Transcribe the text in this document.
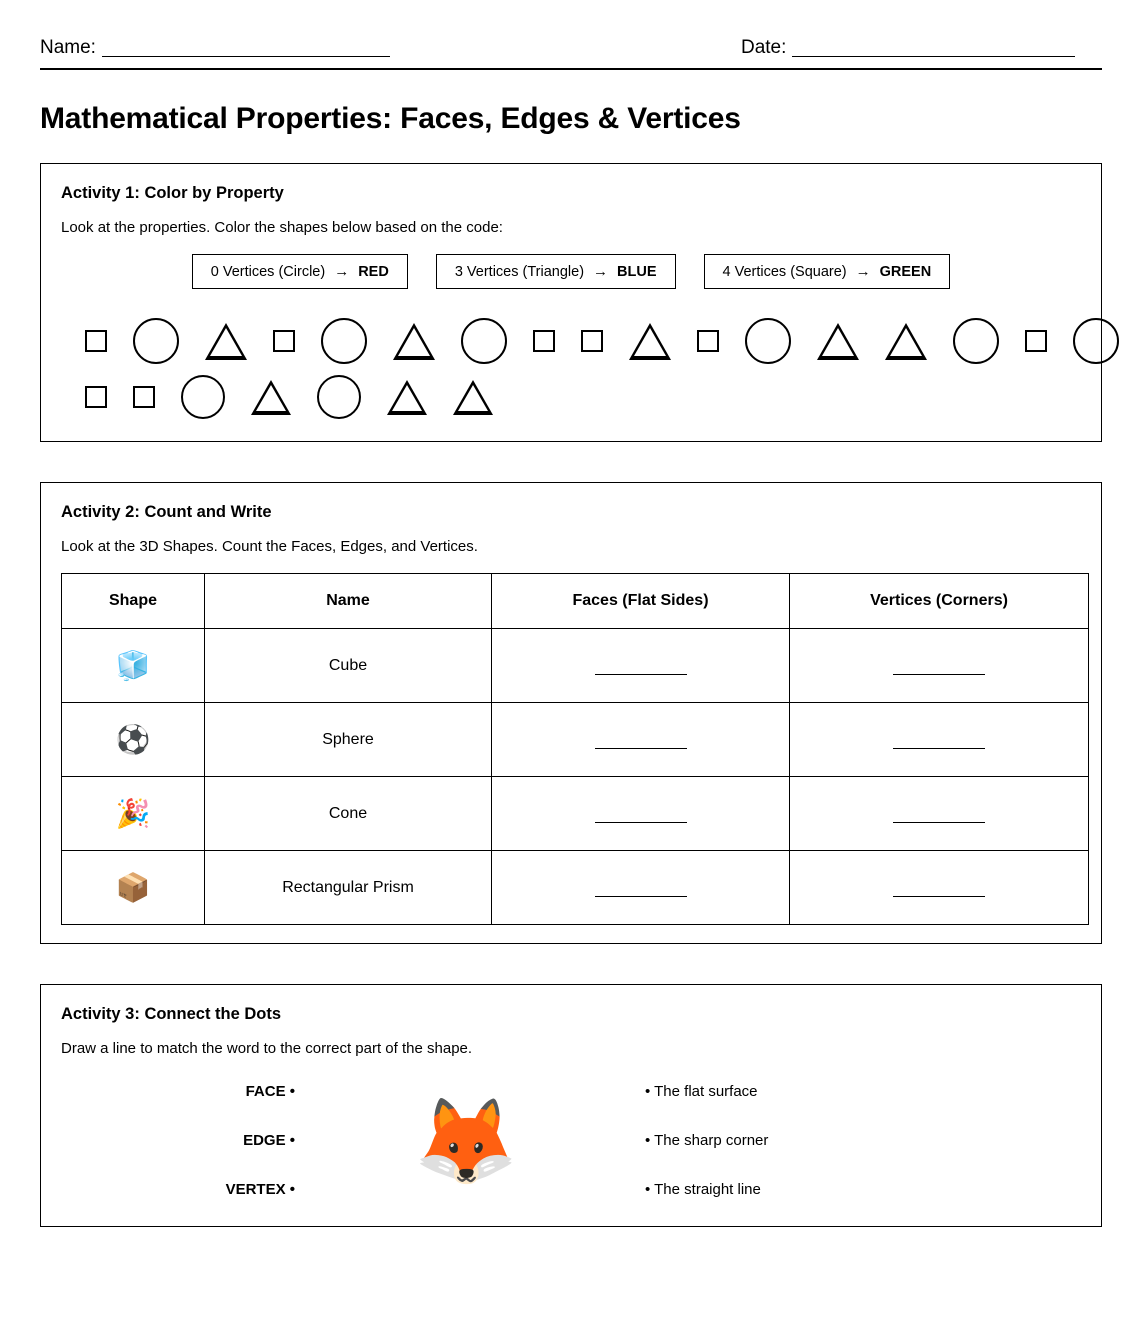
Name:	Date:
Mathematical Properties: Faces, Edges & Vertices
Activity 1: Color by Property
Look at the properties. Color the shapes below based on the code:
0 Vertices (Circle) → RED	3 Vertices (Triangle) → BLUE	4 Vertices (Square) → GREEN
Activity 2: Count and Write
Look at the 3D Shapes. Count the Faces, Edges, and Vertices.
Shape	Name	Faces (Flat Sides)	Vertices (Corners)
🧊	Cube		
⚽	Sphere		
🎉	Cone		
📦	Rectangular Prism		
Activity 3: Connect the Dots
Draw a line to match the word to the correct part of the shape.
FACE •
EDGE •
VERTEX •
🦊
• The flat surface
• The sharp corner
• The straight line
